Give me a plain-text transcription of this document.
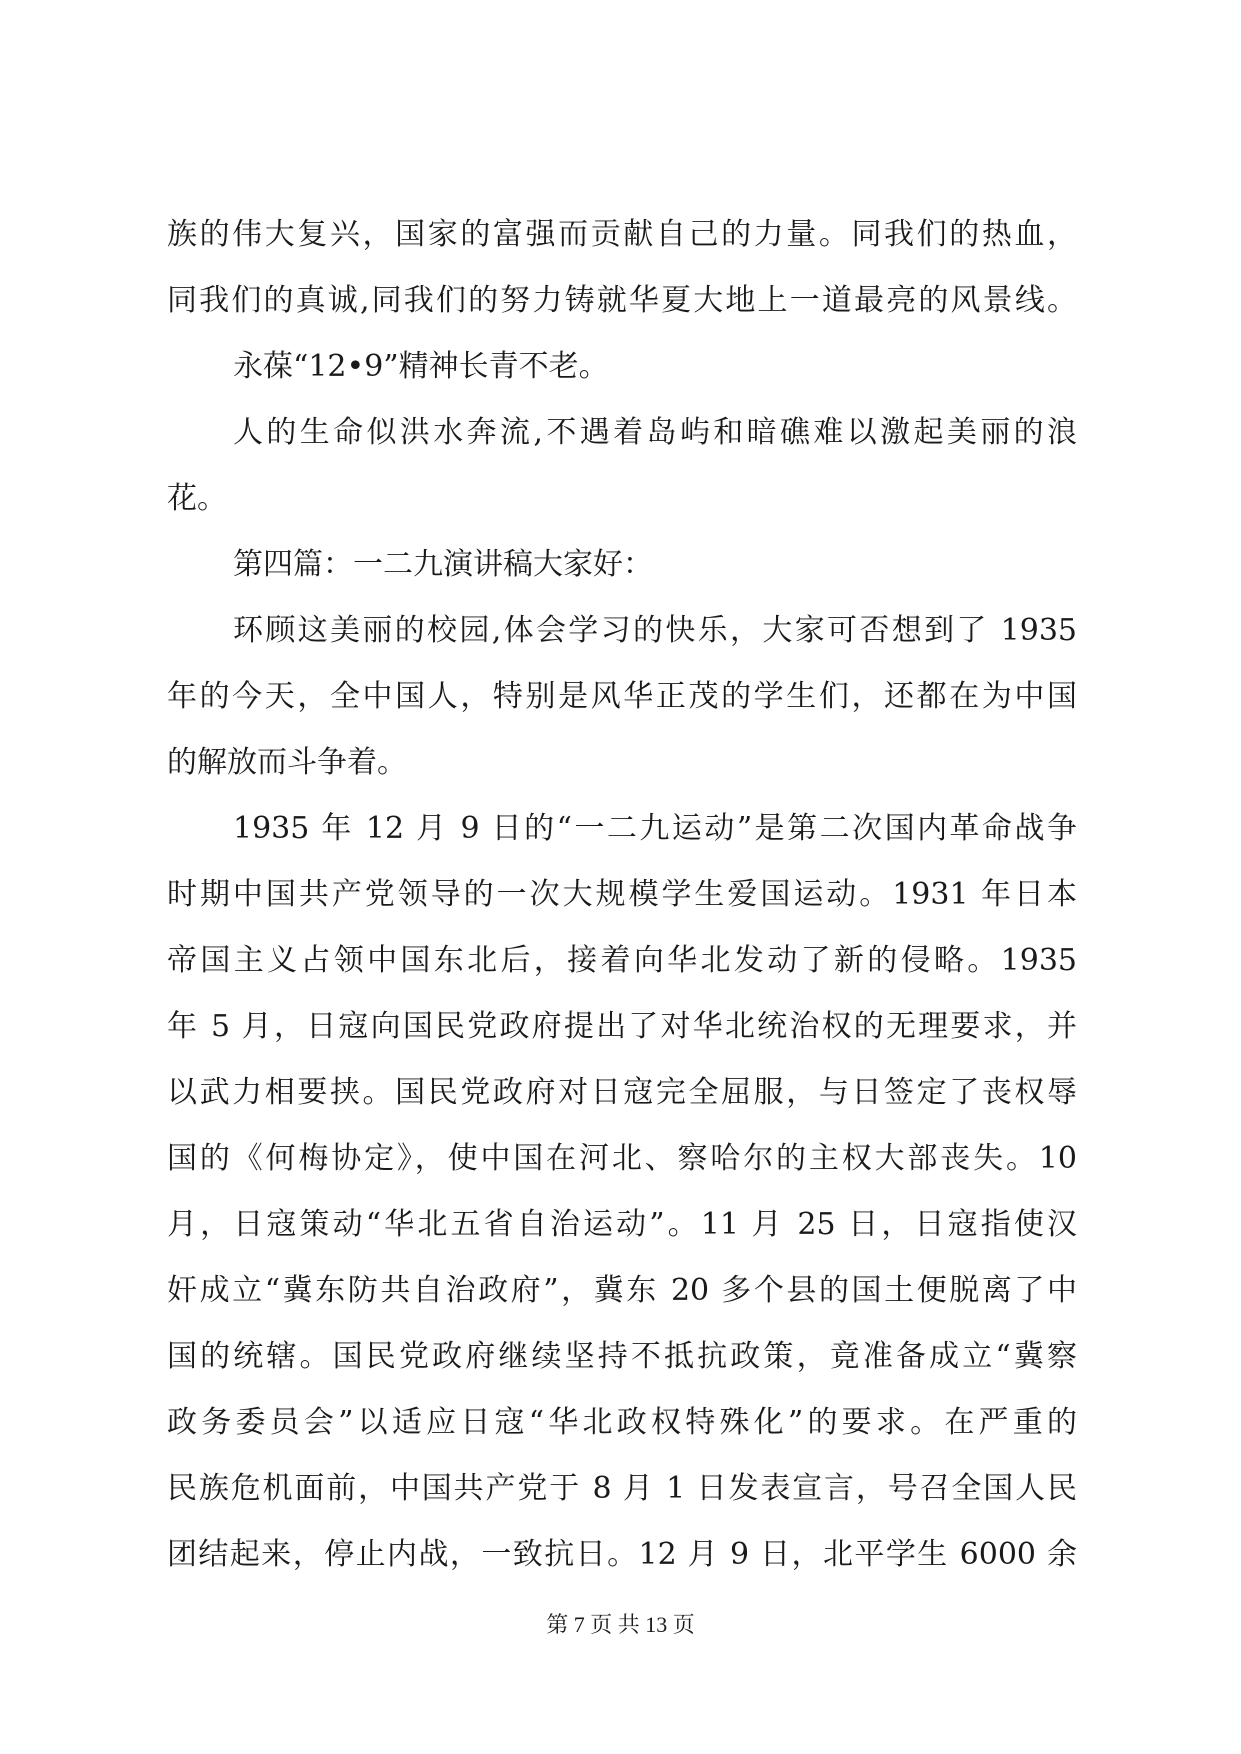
族的伟大复兴，国家的富强而贡献自己的力量。同我们的热血，
同我们的真诚,同我们的努力铸就华夏大地上一道最亮的风景线。
永葆“12•9”精神长青不老。
人的生命似洪水奔流,不遇着岛屿和暗礁难以激起美丽的浪
花。
第四篇：一二九演讲稿大家好：
环顾这美丽的校园,体会学习的快乐，大家可否想到了 1935
年的今天，全中国人，特别是风华正茂的学生们，还都在为中国
的解放而斗争着。
1935 年 12 月 9 日的“一二九运动”是第二次国内革命战争
时期中国共产党领导的一次大规模学生爱国运动。1931 年日本
帝国主义占领中国东北后，接着向华北发动了新的侵略。1935
年 5 月，日寇向国民党政府提出了对华北统治权的无理要求，并
以武力相要挟。国民党政府对日寇完全屈服，与日签定了丧权辱
国的《何梅协定》，使中国在河北、察哈尔的主权大部丧失。10
月，日寇策动“华北五省自治运动”。11 月 25 日，日寇指使汉
奸成立“冀东防共自治政府”，冀东 20 多个县的国土便脱离了中
国的统辖。国民党政府继续坚持不抵抗政策，竟准备成立“冀察
政务委员会”以适应日寇“华北政权特殊化”的要求。在严重的
民族危机面前，中国共产党于 8 月 1 日发表宣言，号召全国人民
团结起来，停止内战，一致抗日。12 月 9 日，北平学生 6000 余
第 7 页 共 13 页
